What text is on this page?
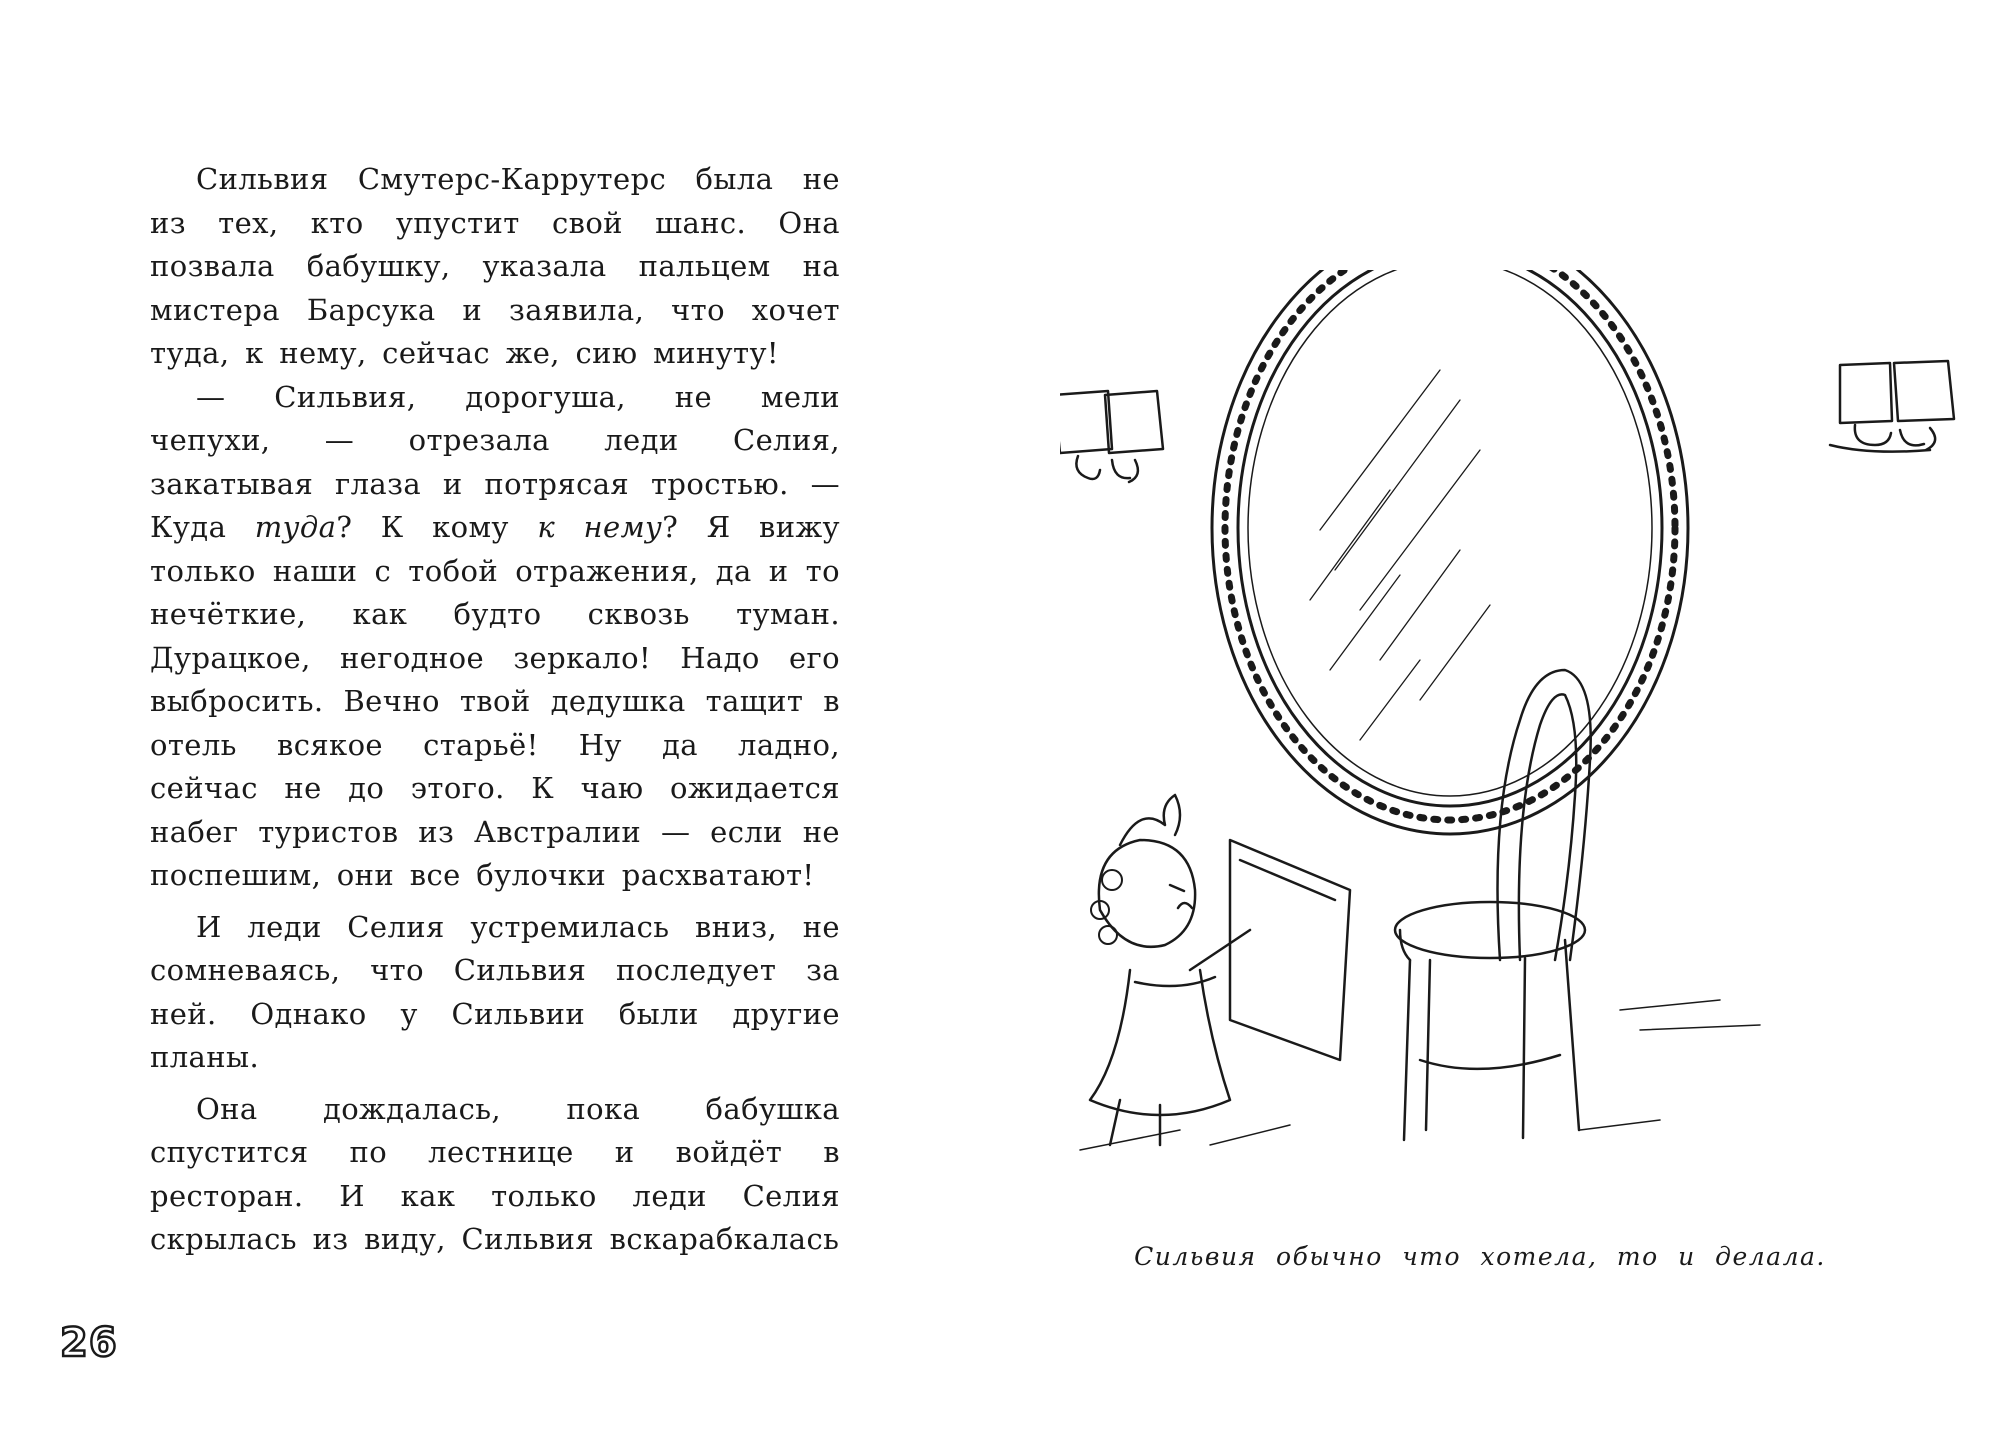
Сильвия Смутерс-Каррутерс была не из тех, кто упустит свой шанс. Она позвала бабушку, указала пальцем на мистера Барсука и заявила, что хочет туда, к нему, сейчас же, сию минуту!

— Сильвия, дорогуша, не мели чепухи, — отрезала леди Селия, закатывая глаза и потрясая тростью. — Куда туда? К кому к нему? Я вижу только наши с тобой отражения, да и то нечёткие, как будто сквозь туман. Дурацкое, негодное зеркало! Надо его выбросить. Вечно твой дедушка тащит в отель всякое старьё! Ну да ладно, сейчас не до этого. К чаю ожидается набег туристов из Австралии — если не поспешим, они все булочки расхватают!

И леди Селия устремилась вниз, не сомневаясь, что Сильвия последует за ней. Однако у Сильвии были другие планы.

Она дождалась, пока бабушка спустится по лестнице и войдёт в ресторан. И как только леди Селия скрылась из виду, Сильвия вскарабкалась

26
Сильвия обычно что хотела, то и делала.
